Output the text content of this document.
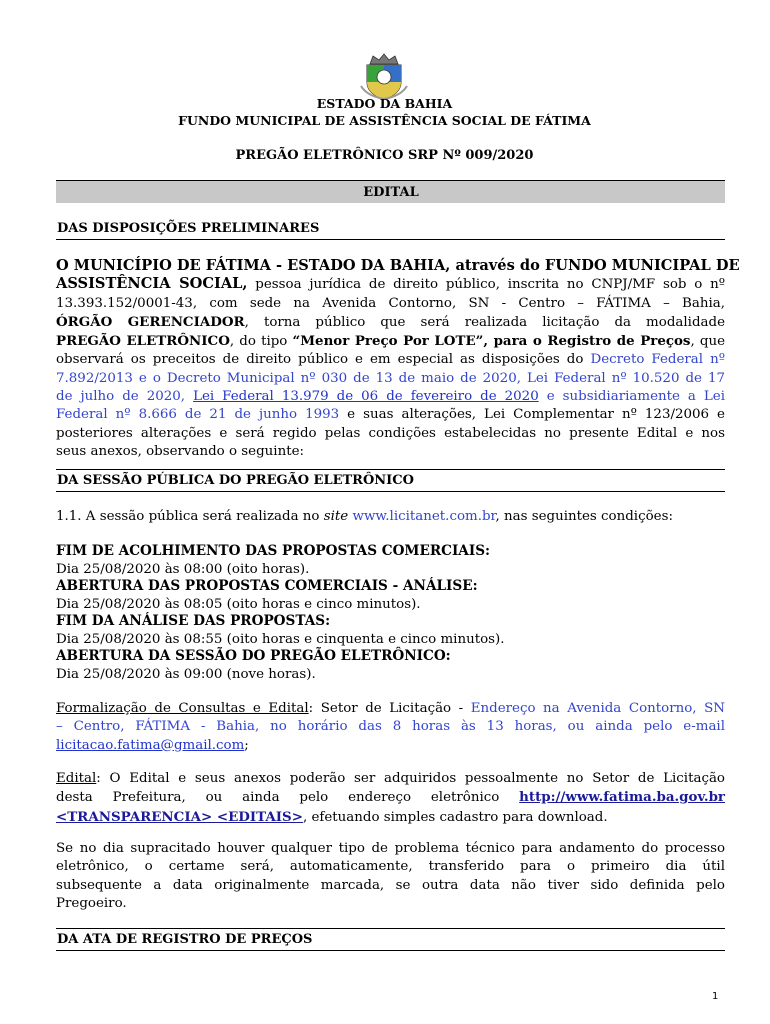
ESTADO DA BAHIA
FUNDO MUNICIPAL DE ASSISTÊNCIA SOCIAL DE FÁTIMA
PREGÃO ELETRÔNICO SRP Nº 009/2020
EDITAL
DAS DISPOSIÇÕES PRELIMINARES
O MUNICÍPIO DE FÁTIMA - ESTADO DA BAHIA, através do FUNDO MUNICIPAL DE
ASSISTÊNCIA SOCIAL, pessoa jurídica de direito público, inscrita no CNPJ/MF sob o nº
13.393.152/0001-43, com sede na Avenida Contorno, SN - Centro – FÁTIMA – Bahia,
ÓRGÃO GERENCIADOR, torna público que será realizada licitação da modalidade
PREGÃO ELETRÔNICO, do tipo “Menor Preço Por LOTE”, para o Registro de Preços, que
observará os preceitos de direito público e em especial as disposições do Decreto Federal nº
7.892/2013 e o Decreto Municipal nº 030 de 13 de maio de 2020, Lei Federal nº 10.520 de 17
de julho de 2020, Lei Federal 13.979 de 06 de fevereiro de 2020 e subsidiariamente a Lei
Federal nº 8.666 de 21 de junho 1993 e suas alterações, Lei Complementar nº 123/2006 e
posteriores alterações e será regido pelas condições estabelecidas no presente Edital e nos
seus anexos, observando o seguinte:
DA SESSÃO PÚBLICA DO PREGÃO ELETRÔNICO
1.1. A sessão pública será realizada no site www.licitanet.com.br, nas seguintes condições:
FIM DE ACOLHIMENTO DAS PROPOSTAS COMERCIAIS:
Dia 25/08/2020 às 08:00 (oito horas).
ABERTURA DAS PROPOSTAS COMERCIAIS - ANÁLISE:
Dia 25/08/2020 às 08:05 (oito horas e cinco minutos).
FIM DA ANÁLISE DAS PROPOSTAS:
Dia 25/08/2020 às 08:55 (oito horas e cinquenta e cinco minutos).
ABERTURA DA SESSÃO DO PREGÃO ELETRÔNICO:
Dia 25/08/2020 às 09:00 (nove horas).
Formalização de Consultas e Edital: Setor de Licitação - Endereço na Avenida Contorno, SN
– Centro, FÁTIMA - Bahia, no horário das 8 horas às 13 horas, ou ainda pelo e-mail
licitacao.fatima@gmail.com;
Edital: O Edital e seus anexos poderão ser adquiridos pessoalmente no Setor de Licitação
desta Prefeitura, ou ainda pelo endereço eletrônico http://www.fatima.ba.gov.br
<TRANSPARENCIA> <EDITAIS>, efetuando simples cadastro para download.
Se no dia supracitado houver qualquer tipo de problema técnico para andamento do processo
eletrônico, o certame será, automaticamente, transferido para o primeiro dia útil
subsequente a data originalmente marcada, se outra data não tiver sido definida pelo
Pregoeiro.
DA ATA DE REGISTRO DE PREÇOS
1
